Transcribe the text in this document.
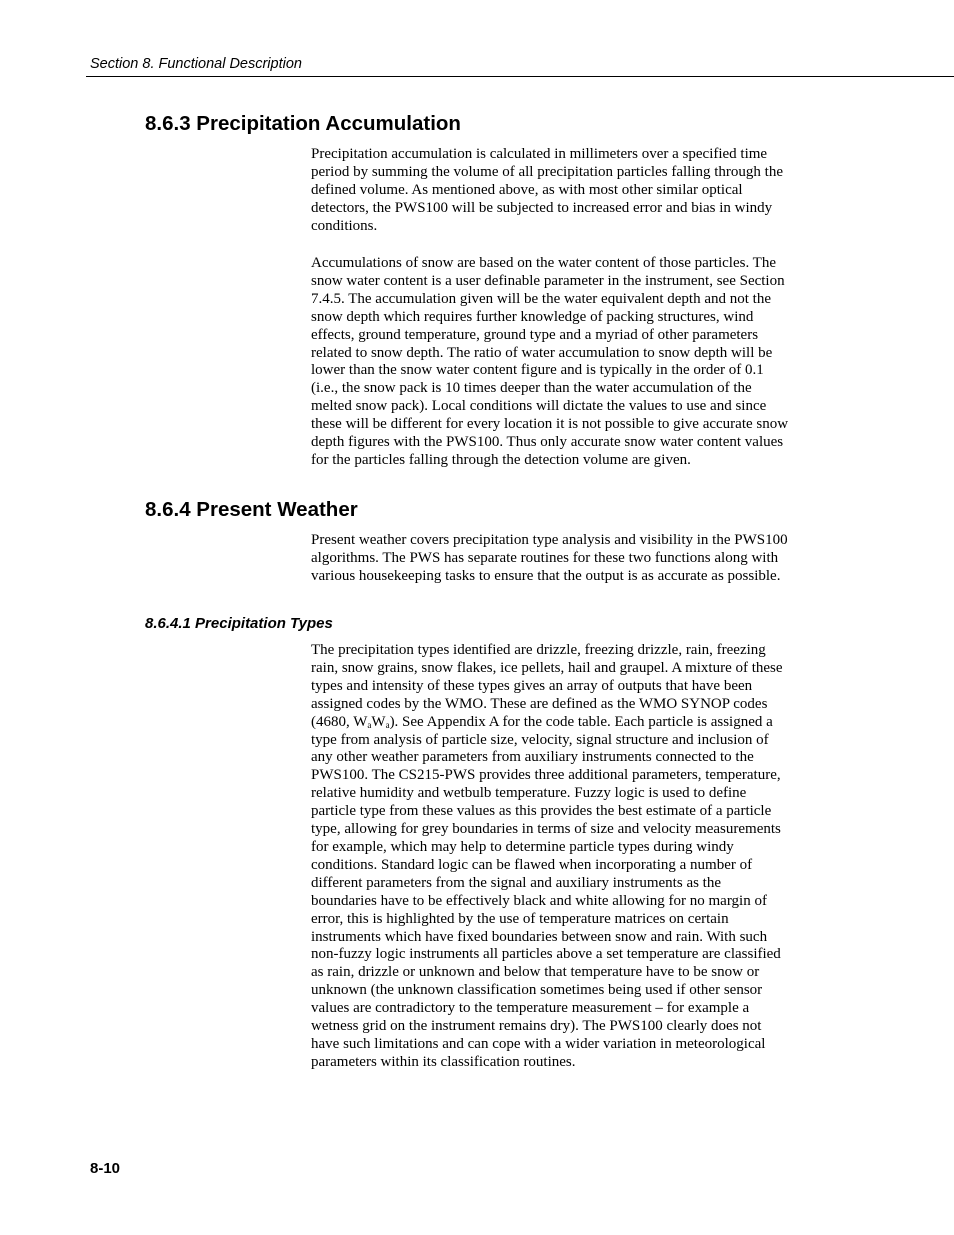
Section 8. Functional Description
8.6.3 Precipitation Accumulation
Precipitation accumulation is calculated in millimeters over a specified time
period by summing the volume of all precipitation particles falling through the
defined volume. As mentioned above, as with most other similar optical
detectors, the PWS100 will be subjected to increased error and bias in windy
conditions.
Accumulations of snow are based on the water content of those particles. The
snow water content is a user definable parameter in the instrument, see Section
7.4.5. The accumulation given will be the water equivalent depth and not the
snow depth which requires further knowledge of packing structures, wind
effects, ground temperature, ground type and a myriad of other parameters
related to snow depth. The ratio of water accumulation to snow depth will be
lower than the snow water content figure and is typically in the order of 0.1
(i.e., the snow pack is 10 times deeper than the water accumulation of the
melted snow pack). Local conditions will dictate the values to use and since
these will be different for every location it is not possible to give accurate snow
depth figures with the PWS100. Thus only accurate snow water content values
for the particles falling through the detection volume are given.
8.6.4 Present Weather
Present weather covers precipitation type analysis and visibility in the PWS100
algorithms. The PWS has separate routines for these two functions along with
various housekeeping tasks to ensure that the output is as accurate as possible.
8.6.4.1 Precipitation Types
The precipitation types identified are drizzle, freezing drizzle, rain, freezing
rain, snow grains, snow flakes, ice pellets, hail and graupel. A mixture of these
types and intensity of these types gives an array of outputs that have been
assigned codes by the WMO. These are defined as the WMO SYNOP codes
(4680, $W_aW_a$). See Appendix A for the code table. Each particle is assigned a
type from analysis of particle size, velocity, signal structure and inclusion of
any other weather parameters from auxiliary instruments connected to the
PWS100. The CS215-PWS provides three additional parameters, temperature,
relative humidity and wetbulb temperature. Fuzzy logic is used to define
particle type from these values as this provides the best estimate of a particle
type, allowing for grey boundaries in terms of size and velocity measurements
for example, which may help to determine particle types during windy
conditions. Standard logic can be flawed when incorporating a number of
different parameters from the signal and auxiliary instruments as the
boundaries have to be effectively black and white allowing for no margin of
error, this is highlighted by the use of temperature matrices on certain
instruments which have fixed boundaries between snow and rain. With such
non-fuzzy logic instruments all particles above a set temperature are classified
as rain, drizzle or unknown and below that temperature have to be snow or
unknown (the unknown classification sometimes being used if other sensor
values are contradictory to the temperature measurement – for example a
wetness grid on the instrument remains dry). The PWS100 clearly does not
have such limitations and can cope with a wider variation in meteorological
parameters within its classification routines.
8-10
